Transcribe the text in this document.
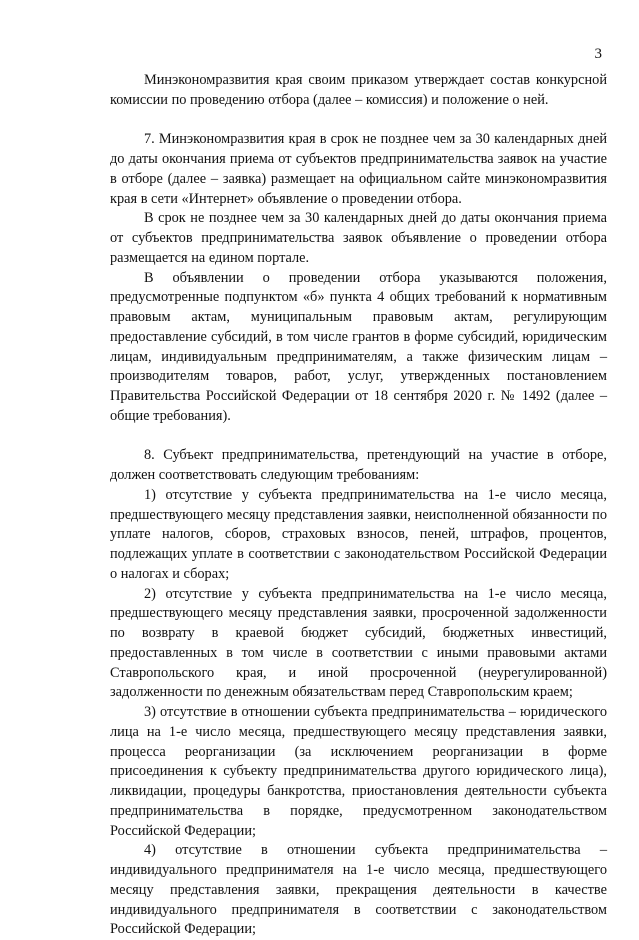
3

Минэкономразвития края своим приказом утверждает состав конкурсной комиссии по проведению отбора (далее – комиссия) и положение о ней.

7. Минэкономразвития края в срок не позднее чем за 30 календарных дней до даты окончания приема от субъектов предпринимательства заявок на участие в отборе (далее – заявка) размещает на официальном сайте минэкономразвития края в сети «Интернет» объявление о проведении отбора.

В срок не позднее чем за 30 календарных дней до даты окончания приема от субъектов предпринимательства заявок объявление о проведении отбора размещается на едином портале.

В объявлении о проведении отбора указываются положения, предусмотренные подпунктом «б» пункта 4 общих требований к нормативным правовым актам, муниципальным правовым актам, регулирующим предоставление субсидий, в том числе грантов в форме субсидий, юридическим лицам, индивидуальным предпринимателям, а также физическим лицам – производителям товаров, работ, услуг, утвержденных постановлением Правительства Российской Федерации от 18 сентября 2020 г. № 1492 (далее – общие требования).

8. Субъект предпринимательства, претендующий на участие в отборе, должен соответствовать следующим требованиям:

1) отсутствие у субъекта предпринимательства на 1-е число месяца, предшествующего месяцу представления заявки, неисполненной обязанности по уплате налогов, сборов, страховых взносов, пеней, штрафов, процентов, подлежащих уплате в соответствии с законодательством Российской Федерации о налогах и сборах;

2) отсутствие у субъекта предпринимательства на 1-е число месяца, предшествующего месяцу представления заявки, просроченной задолженности по возврату в краевой бюджет субсидий, бюджетных инвестиций, предоставленных в том числе в соответствии с иными правовыми актами Ставропольского края, и иной просроченной (неурегулированной) задолженности по денежным обязательствам перед Ставропольским краем;

3) отсутствие в отношении субъекта предпринимательства – юридического лица на 1-е число месяца, предшествующего месяцу представления заявки, процесса реорганизации (за исключением реорганизации в форме присоединения к субъекту предпринимательства другого юридического лица), ликвидации, процедуры банкротства, приостановления деятельности субъекта предпринимательства в порядке, предусмотренном законодательством Российской Федерации;

4) отсутствие в отношении субъекта предпринимательства – индивидуального предпринимателя на 1-е число месяца, предшествующего месяцу представления заявки, прекращения деятельности в качестве индивидуального предпринимателя в соответствии с законодательством Российской Федерации;
